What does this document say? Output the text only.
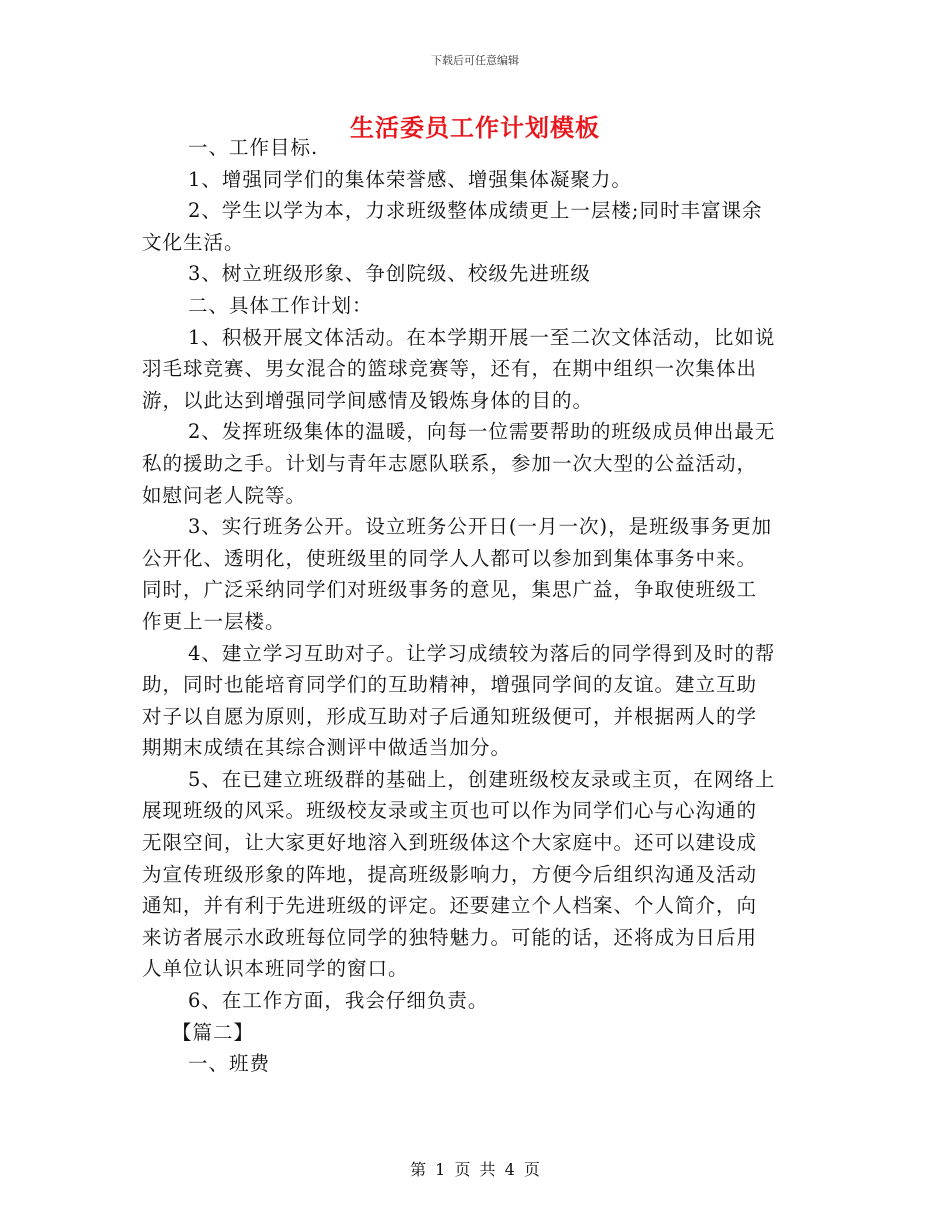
下载后可任意编辑
生活委员工作计划模板

一、工作目标.

1、增强同学们的集体荣誉感、增强集体凝聚力。

2、学生以学为本，力求班级整体成绩更上一层楼;同时丰富课余

文化生活。

3、树立班级形象、争创院级、校级先进班级

二、具体工作计划：

1、积极开展文体活动。在本学期开展一至二次文体活动，比如说

羽毛球竞赛、男女混合的篮球竞赛等，还有，在期中组织一次集体出

游，以此达到增强同学间感情及锻炼身体的目的。

2、发挥班级集体的温暖，向每一位需要帮助的班级成员伸出最无

私的援助之手。计划与青年志愿队联系，参加一次大型的公益活动，

如慰问老人院等。

3、实行班务公开。设立班务公开日(一月一次)，是班级事务更加

公开化、透明化，使班级里的同学人人都可以参加到集体事务中来。

同时，广泛采纳同学们对班级事务的意见，集思广益，争取使班级工

作更上一层楼。

4、建立学习互助对子。让学习成绩较为落后的同学得到及时的帮

助，同时也能培育同学们的互助精神，增强同学间的友谊。建立互助

对子以自愿为原则，形成互助对子后通知班级便可，并根据两人的学

期期末成绩在其综合测评中做适当加分。

5、在已建立班级群的基础上，创建班级校友录或主页，在网络上

展现班级的风采。班级校友录或主页也可以作为同学们心与心沟通的

无限空间，让大家更好地溶入到班级体这个大家庭中。还可以建设成

为宣传班级形象的阵地，提高班级影响力，方便今后组织沟通及活动

通知，并有利于先进班级的评定。还要建立个人档案、个人简介，向

来访者展示水政班每位同学的独特魅力。可能的话，还将成为日后用

人单位认识本班同学的窗口。

6、在工作方面，我会仔细负责。

【篇二】

一、班费

第 1 页 共 4 页
